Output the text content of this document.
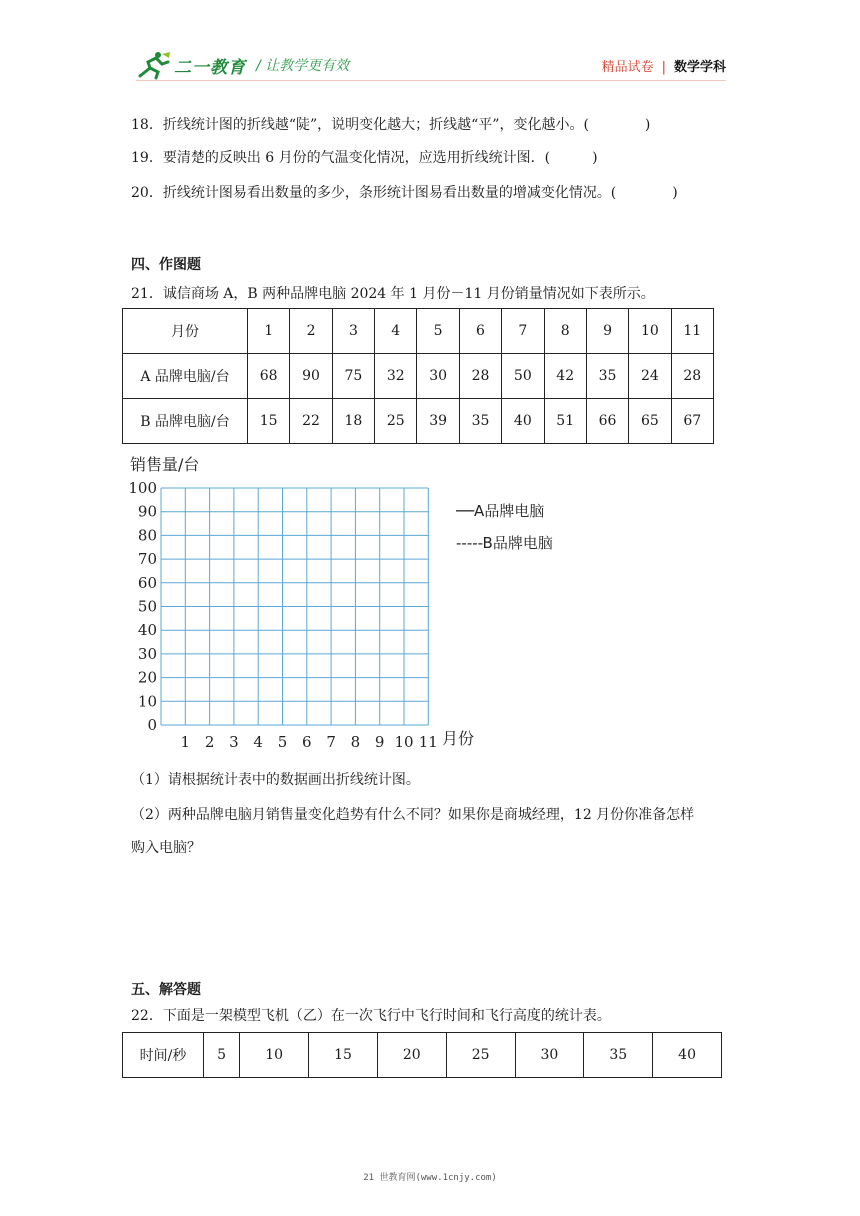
二一教育 / 让教学更有效	精品试卷 | 数学学科
18．折线统计图的折线越“陡”，说明变化越大；折线越“平”，变化越小。(　　　　)
19．要清楚的反映出 6 月份的气温变化情况，应选用折线统计图．(　　　)
20．折线统计图易看出数量的多少，条形统计图易看出数量的增减变化情况。(　　　　)
四、作图题
21．诚信商场 A，B 两种品牌电脑 2024 年 1 月份－11 月份销量情况如下表所示。
月份	1	2	3	4	5	6	7	8	9	10	11
A 品牌电脑/台	68	90	75	32	30	28	50	42	35	24	28
B 品牌电脑/台	15	22	18	25	39	35	40	51	66	65	67
销售量/台
0
10
20
30
40
50
60
70
80
90
100
1 2 3 4 5 6 7 8 9 10 11 月份
──A品牌电脑
-----B品牌电脑
（1）请根据统计表中的数据画出折线统计图。
（2）两种品牌电脑月销售量变化趋势有什么不同？如果你是商城经理，12 月份你准备怎样
购入电脑？
五、解答题
22．下面是一架模型飞机（乙）在一次飞行中飞行时间和飞行高度的统计表。
时间/秒	5	10	15	20	25	30	35	40
21 世教育网(www.1cnjy.com)
